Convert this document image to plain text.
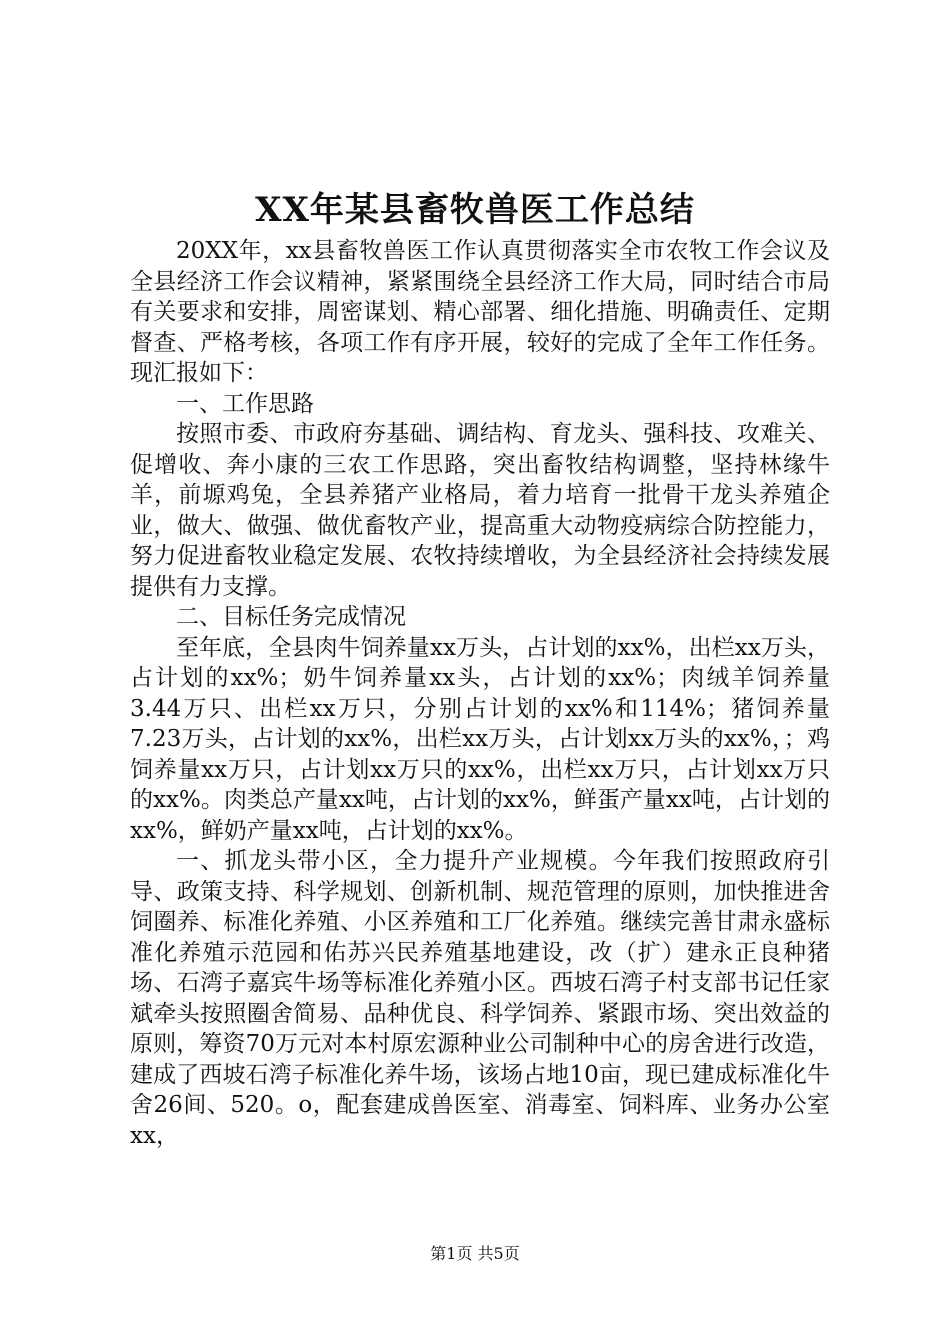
XX年某县畜牧兽医工作总结

20XX年，xx县畜牧兽医工作认真贯彻落实全市农牧工作会议及全县经济工作会议精神，紧紧围绕全县经济工作大局，同时结合市局有关要求和安排，周密谋划、精心部署、细化措施、明确责任、定期督查、严格考核，各项工作有序开展，较好的完成了全年工作任务。现汇报如下：

一、工作思路

按照市委、市政府夯基础、调结构、育龙头、强科技、攻难关、促增收、奔小康的三农工作思路，突出畜牧结构调整，坚持林缘牛羊，前塬鸡兔，全县养猪产业格局，着力培育一批骨干龙头养殖企业，做大、做强、做优畜牧产业，提高重大动物疫病综合防控能力，努力促进畜牧业稳定发展、农牧持续增收，为全县经济社会持续发展提供有力支撑。

二、目标任务完成情况

至年底，全县肉牛饲养量xx万头，占计划的xx%，出栏xx万头，占计划的xx%；奶牛饲养量xx头，占计划的xx%；肉绒羊饲养量3.44万只、出栏xx万只，分别占计划的xx%和114%；猪饲养量7.23万头，占计划的xx%，出栏xx万头，占计划xx万头的xx%，；鸡饲养量xx万只，占计划xx万只的xx%，出栏xx万只，占计划xx万只的xx%。肉类总产量xx吨，占计划的xx%，鲜蛋产量xx吨，占计划的xx%，鲜奶产量xx吨，占计划的xx%。

一、抓龙头带小区，全力提升产业规模。今年我们按照政府引导、政策支持、科学规划、创新机制、规范管理的原则，加快推进舍饲圈养、标准化养殖、小区养殖和工厂化养殖。继续完善甘肃永盛标准化养殖示范园和佑苏兴民养殖基地建设，改（扩）建永正良种猪场、石湾子嘉宾牛场等标准化养殖小区。西坡石湾子村支部书记任家斌牵头按照圈舍简易、品种优良、科学饲养、紧跟市场、突出效益的原则，筹资70万元对本村原宏源种业公司制种中心的房舍进行改造，建成了西坡石湾子标准化养牛场，该场占地10亩，现已建成标准化牛舍26间、520。o，配套建成兽医室、消毒室、饲料库、业务办公室xx，

第1页 共5页
